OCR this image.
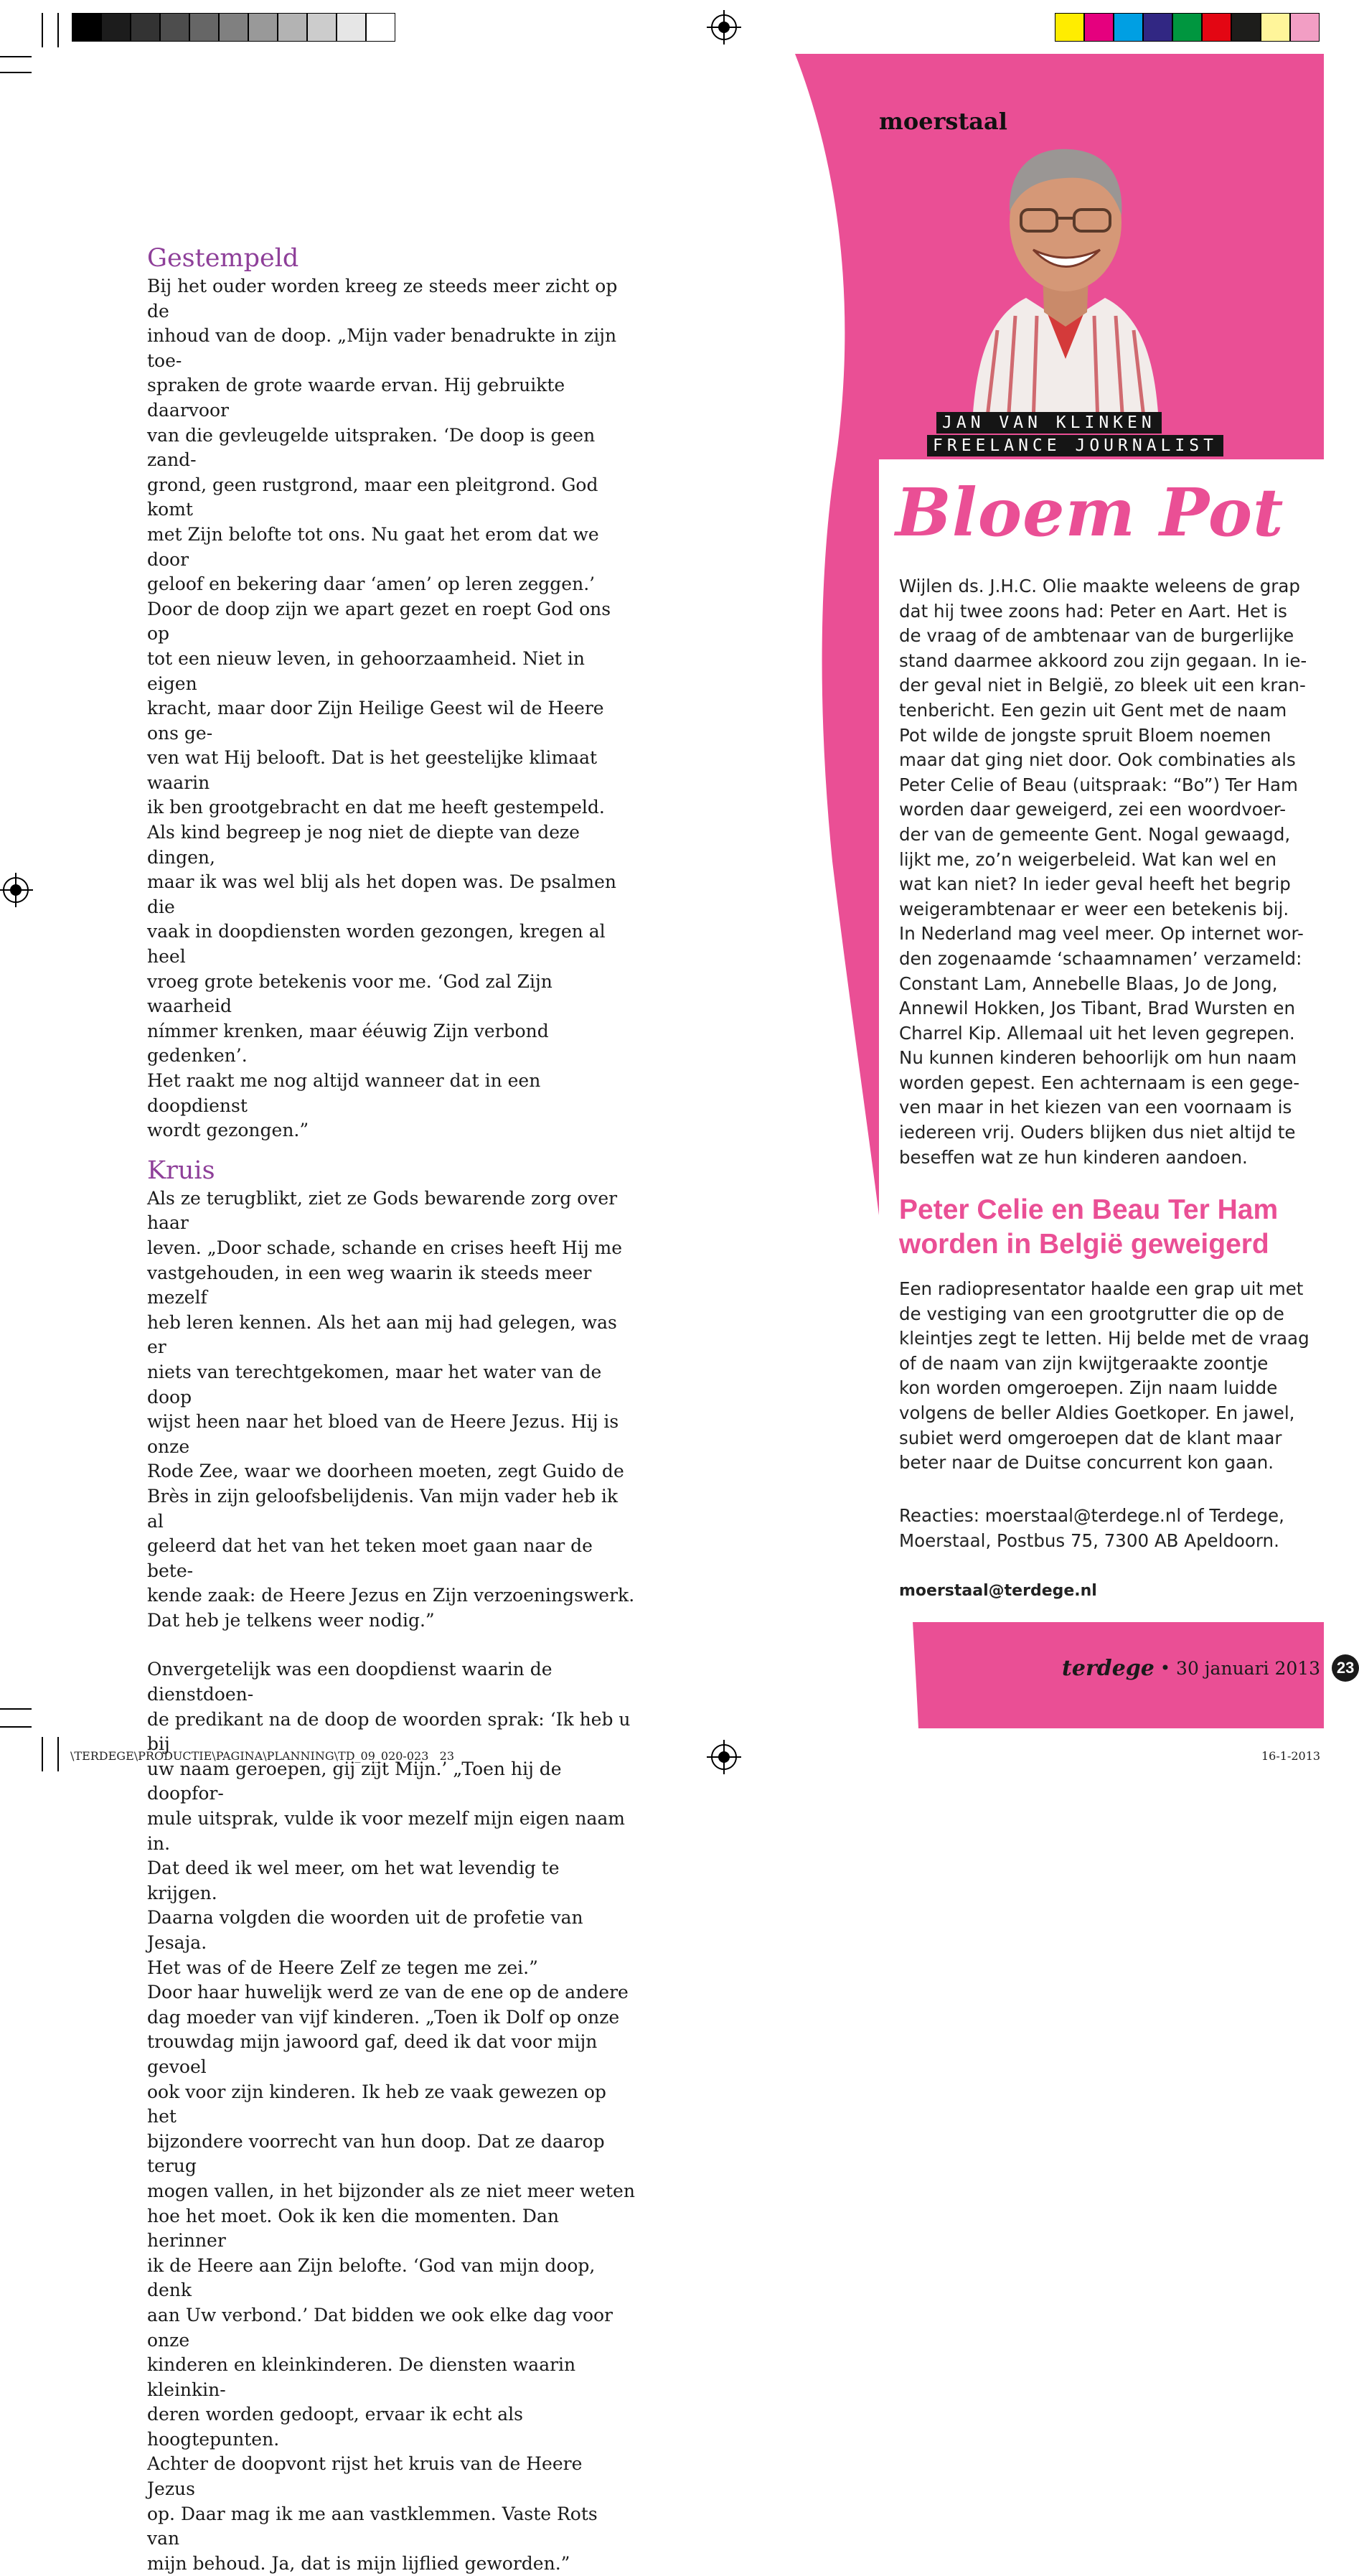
moerstaal
JAN VAN KLINKEN
FREELANCE JOURNALIST
Bloem Pot
Wijlen ds. J.H.C. Olie maakte weleens de grap
dat hij twee zoons had: Peter en Aart. Het is
de vraag of de ambtenaar van de burgerlijke
stand daarmee akkoord zou zijn gegaan. In ie-
der geval niet in België, zo bleek uit een kran-
tenbericht. Een gezin uit Gent met de naam
Pot wilde de jongste spruit Bloem noemen
maar dat ging niet door. Ook combinaties als
Peter Celie of Beau (uitspraak: “Bo”) Ter Ham
worden daar geweigerd, zei een woordvoer-
der van de gemeente Gent. Nogal gewaagd,
lijkt me, zo’n weigerbeleid. Wat kan wel en
wat kan niet? In ieder geval heeft het begrip
weigerambtenaar er weer een betekenis bij.
In Nederland mag veel meer. Op internet wor-
den zogenaamde ‘schaamnamen’ verzameld:
Constant Lam, Annebelle Blaas, Jo de Jong,
Annewil Hokken, Jos Tibant, Brad Wursten en
Charrel Kip. Allemaal uit het leven gegrepen.
Nu kunnen kinderen behoorlijk om hun naam
worden gepest. Een achternaam is een gege-
ven maar in het kiezen van een voornaam is
iedereen vrij. Ouders blijken dus niet altijd te
beseffen wat ze hun kinderen aandoen.
Peter Celie en Beau Ter Ham
worden in België geweigerd
Een radiopresentator haalde een grap uit met
de vestiging van een grootgrutter die op de
kleintjes zegt te letten. Hij belde met de vraag
of de naam van zijn kwijtgeraakte zoontje
kon worden omgeroepen. Zijn naam luidde
volgens de beller Aldies Goetkoper. En jawel,
subiet werd omgeroepen dat de klant maar
beter naar de Duitse concurrent kon gaan.
Reacties: moerstaal@terdege.nl of Terdege,
Moerstaal, Postbus 75, 7300 AB Apeldoorn.
moerstaal@terdege.nl
Gestempeld

Bij het ouder worden kreeg ze steeds meer zicht op de
inhoud van de doop. „Mijn vader benadrukte in zijn toe-
spraken de grote waarde ervan. Hij gebruikte daarvoor
van die gevleugelde uitspraken. ‘De doop is geen zand-
grond, geen rustgrond, maar een pleitgrond. God komt
met Zijn belofte tot ons. Nu gaat het erom dat we door
geloof en bekering daar ‘amen’ op leren zeggen.’
Door de doop zijn we apart gezet en roept God ons op
tot een nieuw leven, in gehoorzaamheid. Niet in eigen
kracht, maar door Zijn Heilige Geest wil de Heere ons ge-
ven wat Hij belooft. Dat is het geestelijke klimaat waarin
ik ben grootgebracht en dat me heeft gestempeld.
Als kind begreep je nog niet de diepte van deze dingen,
maar ik was wel blij als het dopen was. De psalmen die
vaak in doopdiensten worden gezongen, kregen al heel
vroeg grote betekenis voor me. ‘God zal Zijn waarheid
nímmer krenken, maar ééuwig Zijn verbond gedenken’.
Het raakt me nog altijd wanneer dat in een doopdienst
wordt gezongen.”

Kruis

Als ze terugblikt, ziet ze Gods bewarende zorg over haar
leven. „Door schade, schande en crises heeft Hij me
vastgehouden, in een weg waarin ik steeds meer mezelf
heb leren kennen. Als het aan mij had gelegen, was er
niets van terechtgekomen, maar het water van de doop
wijst heen naar het bloed van de Heere Jezus. Hij is onze
Rode Zee, waar we doorheen moeten, zegt Guido de
Brès in zijn geloofsbelijdenis. Van mijn vader heb ik al
geleerd dat het van het teken moet gaan naar de bete-
kende zaak: de Heere Jezus en Zijn verzoeningswerk.
Dat heb je telkens weer nodig.”

Onvergetelijk was een doopdienst waarin de dienstdoen-
de predikant na de doop de woorden sprak: ‘Ik heb u bij
uw naam geroepen, gij zijt Mijn.’ „Toen hij de doopfor-
mule uitsprak, vulde ik voor mezelf mijn eigen naam in.
Dat deed ik wel meer, om het wat levendig te krijgen.
Daarna volgden die woorden uit de profetie van Jesaja.
Het was of de Heere Zelf ze tegen me zei.”
Door haar huwelijk werd ze van de ene op de andere
dag moeder van vijf kinderen. „Toen ik Dolf op onze
trouwdag mijn jawoord gaf, deed ik dat voor mijn gevoel
ook voor zijn kinderen. Ik heb ze vaak gewezen op het
bijzondere voorrecht van hun doop. Dat ze daarop terug
mogen vallen, in het bijzonder als ze niet meer weten
hoe het moet. Ook ik ken die momenten. Dan herinner
ik de Heere aan Zijn belofte. ‘God van mijn doop, denk
aan Uw verbond.’ Dat bidden we ook elke dag voor onze
kinderen en kleinkinderen. De diensten waarin kleinkin-
deren worden gedoopt, ervaar ik echt als hoogtepunten.
Achter de doopvont rijst het kruis van de Heere Jezus
op. Daar mag ik me aan vastklemmen. Vaste Rots van
mijn behoud. Ja, dat is mijn lijflied geworden.”

terdege • 30 januari 2013	23
\TERDEGE\PRODUCTIE\PAGINA\PLANNING\TD_09_020-023   23	16-1-2013
